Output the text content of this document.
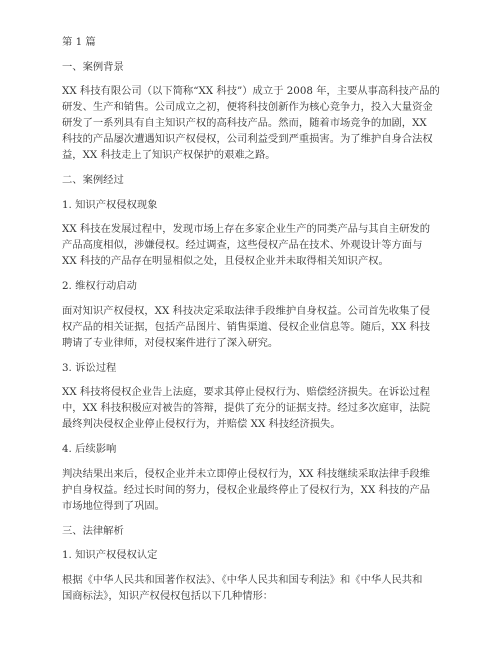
第 1 篇

一、案例背景

XX 科技有限公司（以下简称“XX 科技”）成立于 2008 年，主要从事高科技产品的

研发、生产和销售。公司成立之初，便将科技创新作为核心竞争力，投入大量资金

研发了一系列具有自主知识产权的高科技产品。然而，随着市场竞争的加剧，XX

科技的产品屡次遭遇知识产权侵权，公司利益受到严重损害。为了维护自身合法权

益，XX 科技走上了知识产权保护的艰难之路。

二、案例经过

1. 知识产权侵权现象

XX 科技在发展过程中，发现市场上存在多家企业生产的同类产品与其自主研发的

产品高度相似，涉嫌侵权。经过调查，这些侵权产品在技术、外观设计等方面与

XX 科技的产品存在明显相似之处，且侵权企业并未取得相关知识产权。

2. 维权行动启动

面对知识产权侵权，XX 科技决定采取法律手段维护自身权益。公司首先收集了侵

权产品的相关证据，包括产品图片、销售渠道、侵权企业信息等。随后，XX 科技

聘请了专业律师，对侵权案件进行了深入研究。

3. 诉讼过程

XX 科技将侵权企业告上法庭，要求其停止侵权行为、赔偿经济损失。在诉讼过程

中，XX 科技积极应对被告的答辩，提供了充分的证据支持。经过多次庭审，法院

最终判决侵权企业停止侵权行为，并赔偿 XX 科技经济损失。

4. 后续影响

判决结果出来后，侵权企业并未立即停止侵权行为，XX 科技继续采取法律手段维

护自身权益。经过长时间的努力，侵权企业最终停止了侵权行为，XX 科技的产品

市场地位得到了巩固。

三、法律解析

1. 知识产权侵权认定

根据《中华人民共和国著作权法》、《中华人民共和国专利法》和《中华人民共和

国商标法》，知识产权侵权包括以下几种情形：
